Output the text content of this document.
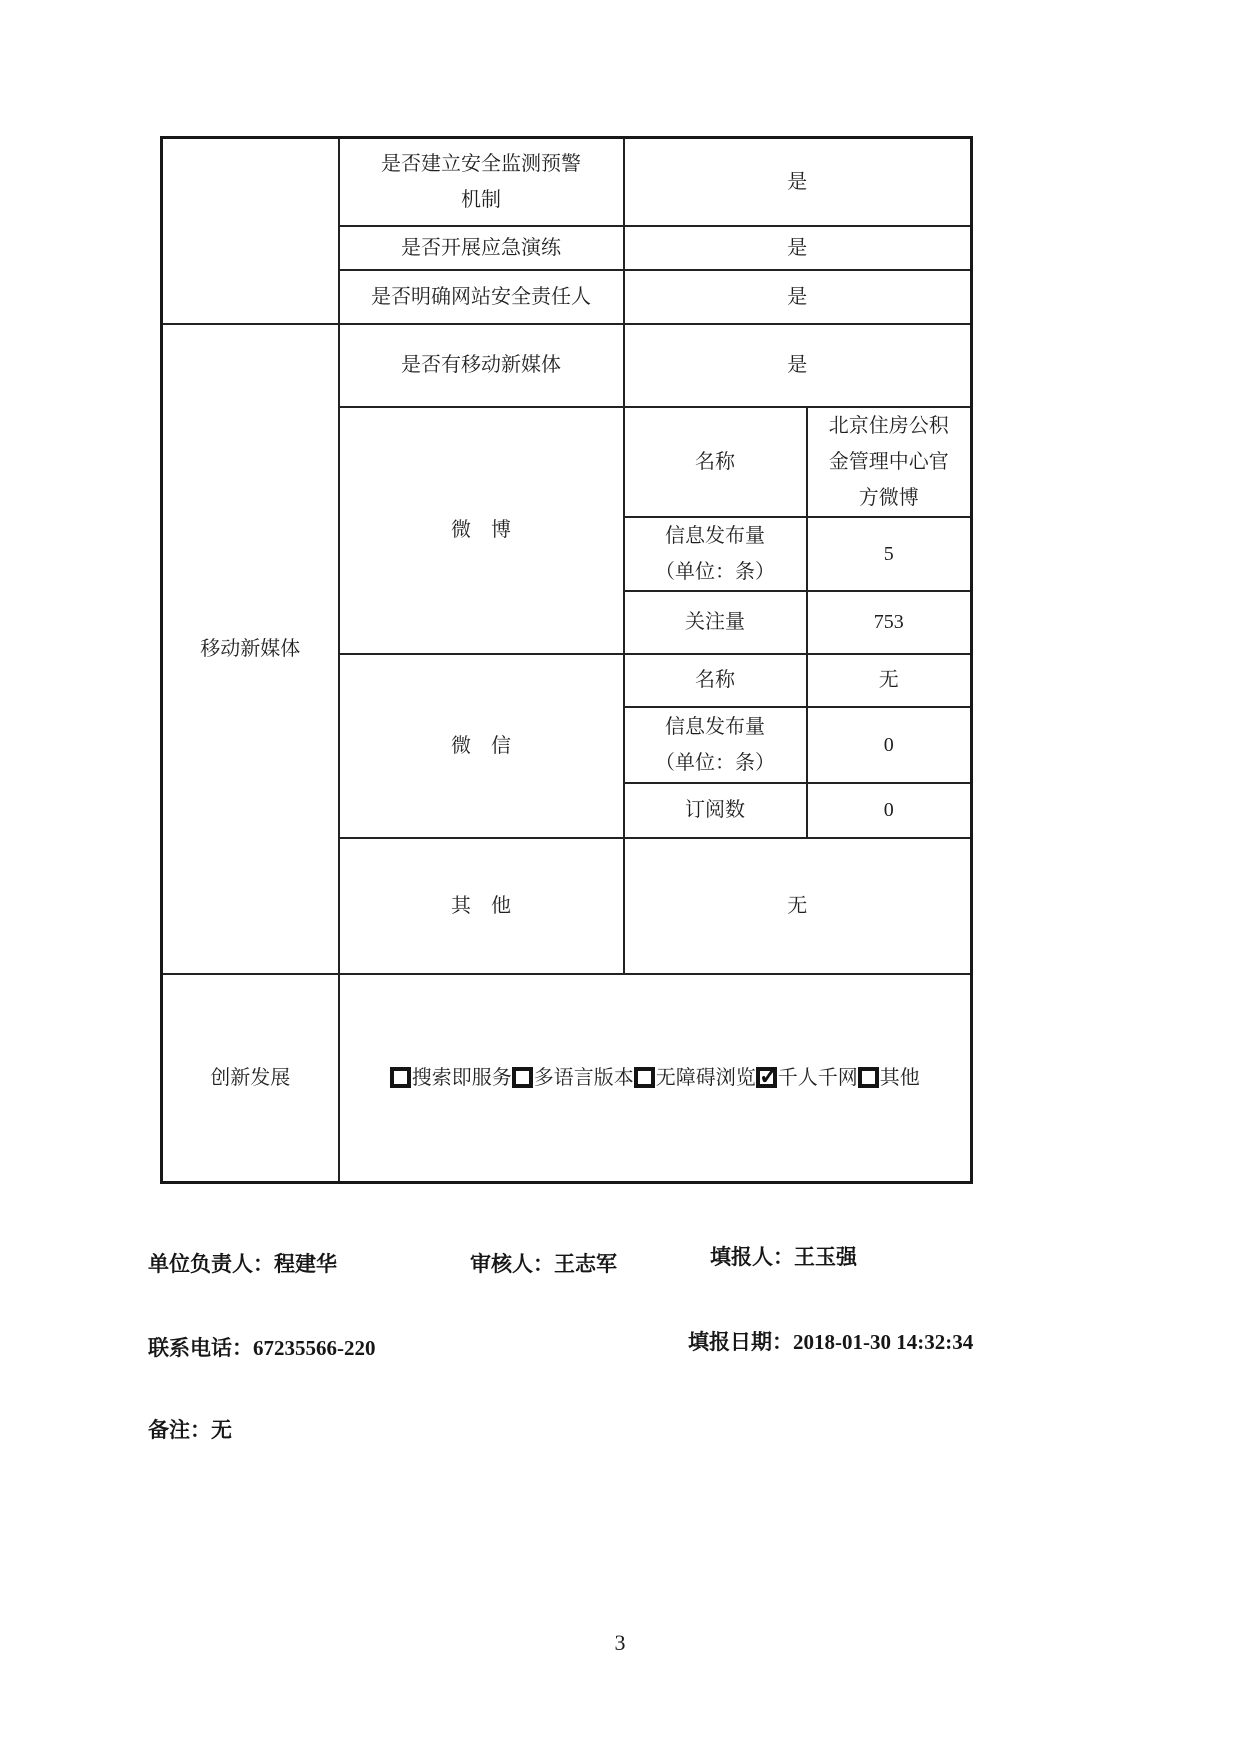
	是否建立安全监测预警
机制	是	
	是否开展应急演练	是	
	是否明确网站安全责任人	是	
移动新媒体	是否有移动新媒体	是	
	微　博	名称	北京住房公积金管理中心官方微博

		信息发布量
（单位：条）	5
		关注量	753
	微　信	名称	无
		信息发布量
（单位：条）	0
		订阅数	0
	其　他	无	
创新发展	搜索即服务 多语言版本 无障碍浏览 ✓ 千人千网 其他
单位负责人：程建华	审核人：王志军	填报人：王玉强
联系电话：67235566-220	填报日期：2018-01-30 14:32:34
备注：无
3
